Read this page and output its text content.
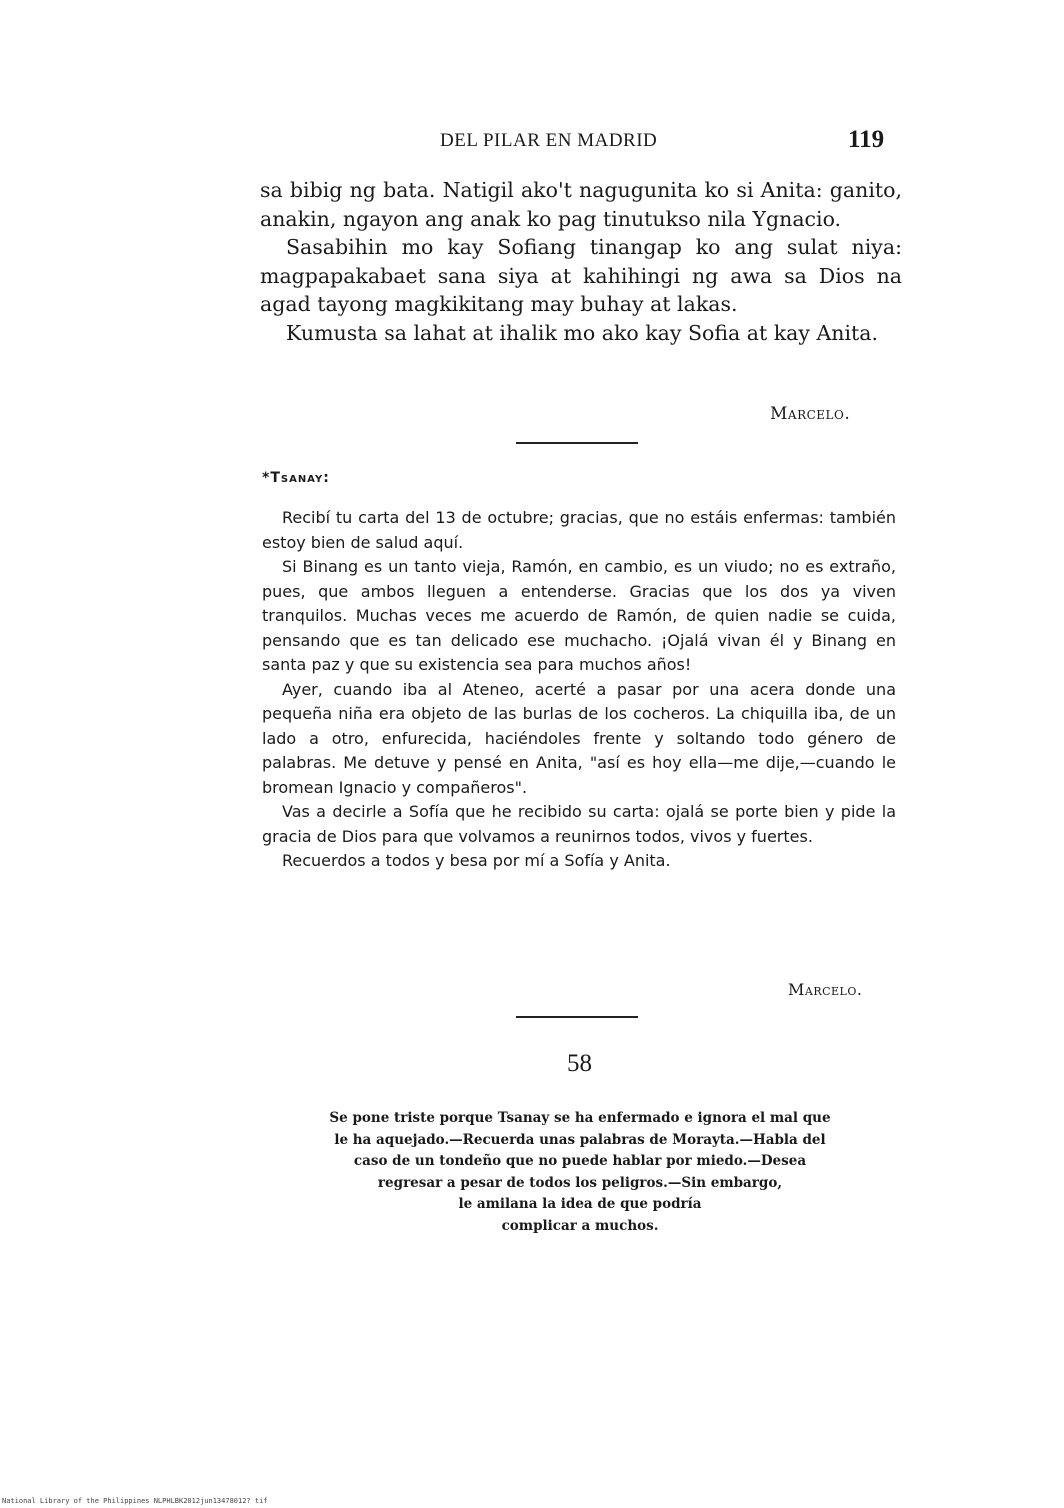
DEL PILAR EN MADRID	119

sa bibig ng bata. Natigil ako't nagugunita ko si Anita: ganito, anakin, ngayon ang anak ko pag tinutukso nila Ygnacio.

Sasabihin mo kay Sofiang tinangap ko ang sulat niya: magpapakabaet sana siya at kahihingi ng awa sa Dios na agad tayong magkikitang may buhay at lakas.

Kumusta sa lahat at ihalik mo ako kay Sofia at kay Anita.

Marcelo.
*Tsanay:

Recibí tu carta del 13 de octubre; gracias, que no estáis enfermas: también estoy bien de salud aquí.

Si Binang es un tanto vieja, Ramón, en cambio, es un viudo; no es extraño, pues, que ambos lleguen a entenderse. Gracias que los dos ya viven tranquilos. Muchas veces me acuerdo de Ramón, de quien nadie se cuida, pensando que es tan delicado ese muchacho. ¡Ojalá vivan él y Binang en santa paz y que su existencia sea para muchos años!

Ayer, cuando iba al Ateneo, acerté a pasar por una acera donde una pequeña niña era objeto de las burlas de los cocheros. La chiquilla iba, de un lado a otro, enfurecida, haciéndoles frente y soltando todo género de palabras. Me detuve y pensé en Anita, "así es hoy ella—me dije,—cuando le bromean Ignacio y compañeros".

Vas a decirle a Sofía que he recibido su carta: ojalá se porte bien y pide la gracia de Dios para que volvamos a reunirnos todos, vivos y fuertes.

Recuerdos a todos y besa por mí a Sofía y Anita.

Marcelo.
58
Se pone triste porque Tsanay se ha enfermado e ignora el mal que
le ha aquejado.—Recuerda unas palabras de Morayta.—Habla del
caso de un tondeño que no puede hablar por miedo.—Desea
regresar a pesar de todos los peligros.—Sin embargo,
le amilana la idea de que podría
complicar a muchos.
National Library of the Philippines NLPHLBK2012jun13478012? tif
